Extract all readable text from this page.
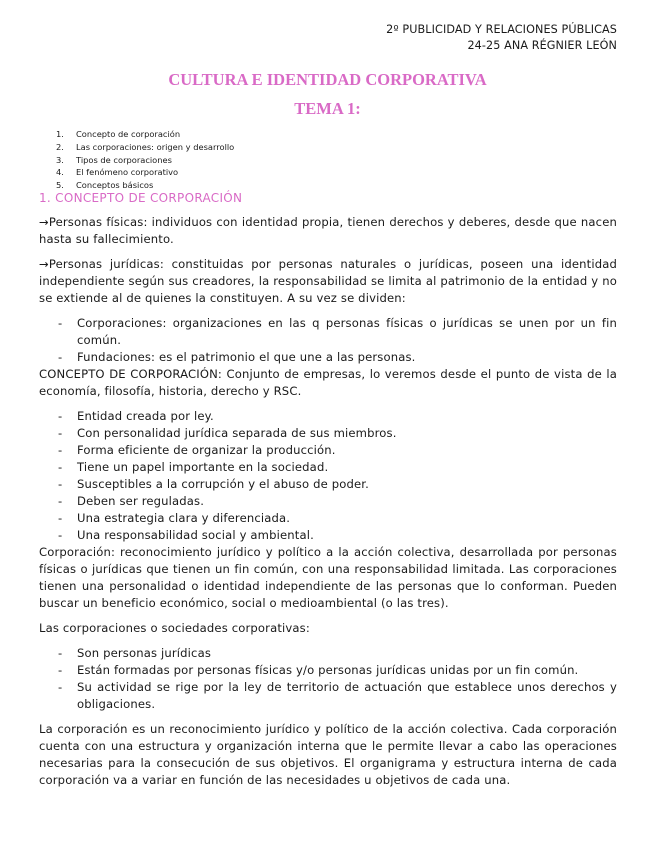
2º PUBLICIDAD Y RELACIONES PÚBLICAS
24-25 ANA RÉGNIER LEÓN
CULTURA E IDENTIDAD CORPORATIVA
TEMA 1:
1.	Concepto de corporación
2.	Las corporaciones: origen y desarrollo
3.	Tipos de corporaciones
4.	El fenómeno corporativo
5.	Conceptos básicos
1. CONCEPTO DE CORPORACIÓN

→Personas físicas: individuos con identidad propia, tienen derechos y deberes, desde que nacen hasta su fallecimiento.

→Personas jurídicas: constituidas por personas naturales o jurídicas, poseen una identidad independiente según sus creadores, la responsabilidad se limita al patrimonio de la entidad y no se extiende al de quienes la constituyen. A su vez se dividen:

- Corporaciones: organizaciones en las q personas físicas o jurídicas se unen por un fin común.
- Fundaciones: es el patrimonio el que une a las personas.

CONCEPTO DE CORPORACIÓN: Conjunto de empresas, lo veremos desde el punto de vista de la economía, filosofía, historia, derecho y RSC.

- Entidad creada por ley.
- Con personalidad jurídica separada de sus miembros.
- Forma eficiente de organizar la producción.
- Tiene un papel importante en la sociedad.
- Susceptibles a la corrupción y el abuso de poder.
- Deben ser reguladas.
- Una estrategia clara y diferenciada.
- Una responsabilidad social y ambiental.

Corporación: reconocimiento jurídico y político a la acción colectiva, desarrollada por personas físicas o jurídicas que tienen un fin común, con una responsabilidad limitada. Las corporaciones tienen una personalidad o identidad independiente de las personas que lo conforman. Pueden buscar un beneficio económico, social o medioambiental (o las tres).

Las corporaciones o sociedades corporativas:

- Son personas jurídicas
- Están formadas por personas físicas y/o personas jurídicas unidas por un fin común.
- Su actividad se rige por la ley de territorio de actuación que establece unos derechos y obligaciones.

La corporación es un reconocimiento jurídico y político de la acción colectiva. Cada corporación cuenta con una estructura y organización interna que le permite llevar a cabo las operaciones necesarias para la consecución de sus objetivos. El organigrama y estructura interna de cada corporación va a variar en función de las necesidades u objetivos de cada una.
